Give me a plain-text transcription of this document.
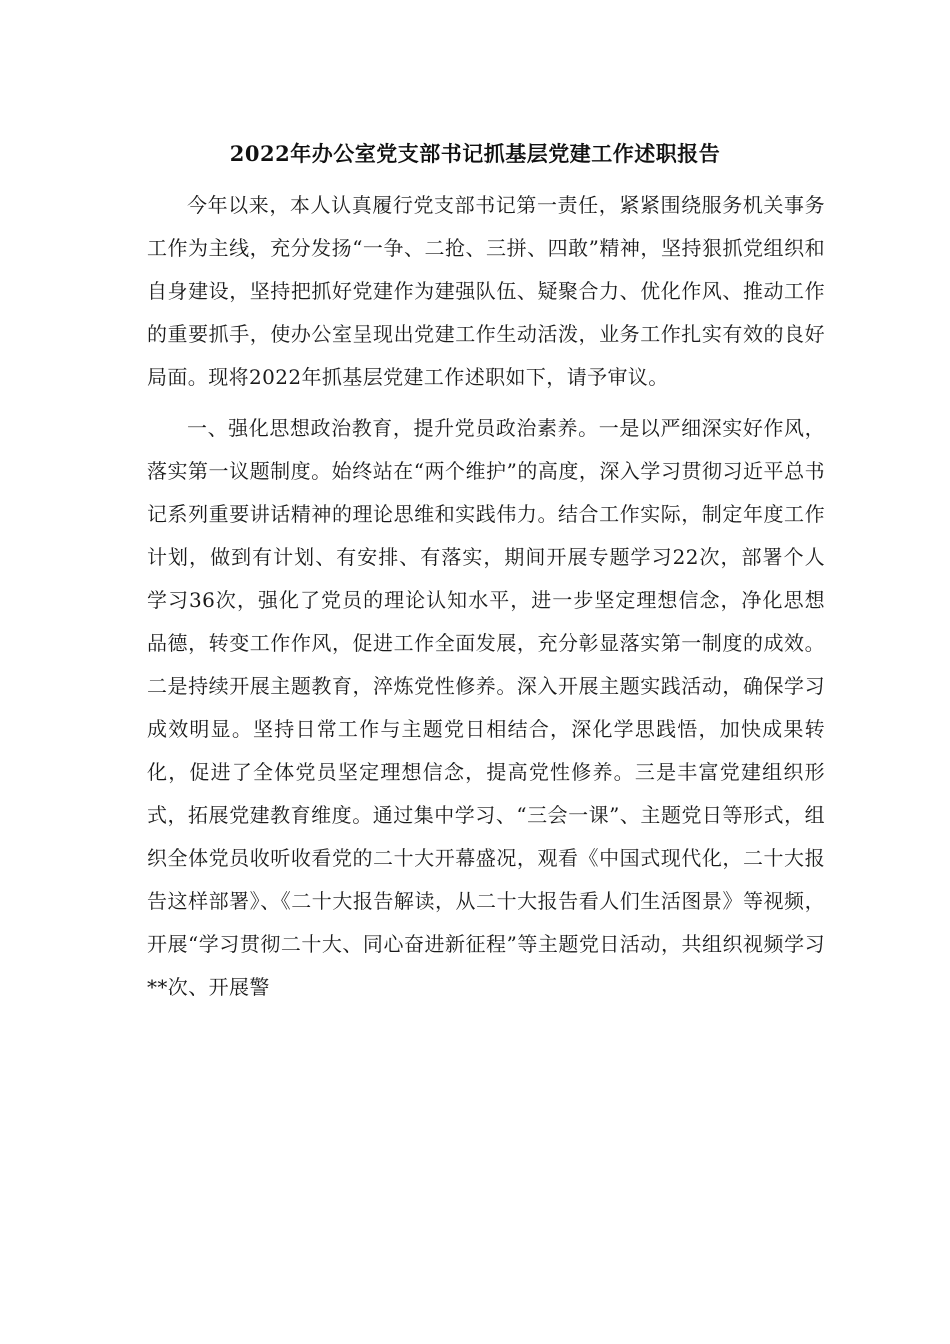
2022年办公室党支部书记抓基层党建工作述职报告

今年以来，本人认真履行党支部书记第一责任，紧紧围绕服务机关事务工作为主线，充分发扬“一争、二抢、三拼、四敢”精神，坚持狠抓党组织和自身建设，坚持把抓好党建作为建强队伍、疑聚合力、优化作风、推动工作的重要抓手，使办公室呈现出党建工作生动活泼，业务工作扎实有效的良好局面。现将2022年抓基层党建工作述职如下，请予审议。

一、强化思想政治教育，提升党员政治素养。一是以严细深实好作风，落实第一议题制度。始终站在“两个维护”的高度，深入学习贯彻习近平总书记系列重要讲话精神的理论思维和实践伟力。结合工作实际，制定年度工作计划，做到有计划、有安排、有落实，期间开展专题学习22次，部署个人学习36次，强化了党员的理论认知水平，进一步坚定理想信念，净化思想品德，转变工作作风，促进工作全面发展，充分彰显落实第一制度的成效。二是持续开展主题教育，淬炼党性修养。深入开展主题实践活动，确保学习成效明显。坚持日常工作与主题党日相结合，深化学思践悟，加快成果转化，促进了全体党员坚定理想信念，提高党性修养。三是丰富党建组织形式，拓展党建教育维度。通过集中学习、“三会一课”、主题党日等形式，组织全体党员收听收看党的二十大开幕盛况，观看《中国式现代化，二十大报告这样部署》、《二十大报告解读，从二十大报告看人们生活图景》等视频，开展“学习贯彻二十大、同心奋进新征程”等主题党日活动，共组织视频学习**次、开展警
